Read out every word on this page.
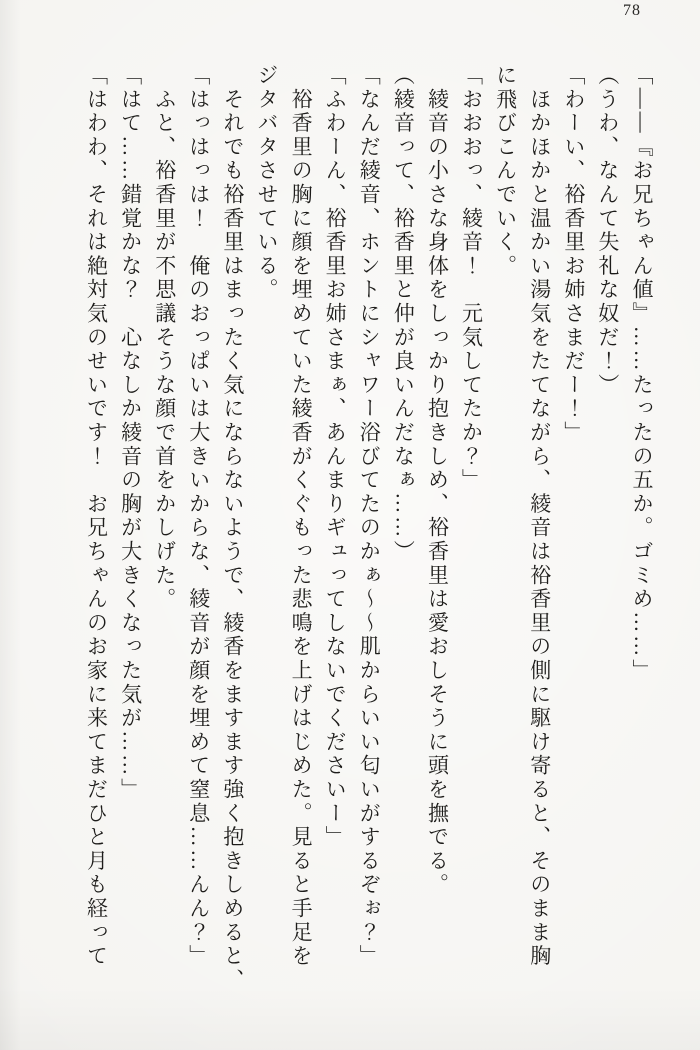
78

「――『お兄ちゃん値』……たったの五か。ゴミめ……」

（うわ、なんて失礼な奴だ！）

「わーい、裕香里お姉さまだー！」

　ほかほかと温かい湯気をたてながら、綾音は裕香里の側に駆け寄ると、そのまま胸

に飛びこんでいく。

「おおおっ、綾音！　元気してたか？」

　綾音の小さな身体をしっかり抱きしめ、裕香里は愛おしそうに頭を撫でる。

（綾音って、裕香里と仲が良いんだなぁ……）

「なんだ綾音、ホントにシャワー浴びてたのかぁ～～肌からいい匂いがするぞぉ？」

「ふわーん、裕香里お姉さまぁ、あんまりギュってしないでくださいー」

　裕香里の胸に顔を埋めていた綾香がくぐもった悲鳴を上げはじめた。見ると手足を

ジタバタさせている。

　それでも裕香里はまったく気にならないようで、綾香をますます強く抱きしめると、

「はっはっは！　俺のおっぱいは大きいからな、綾音が顔を埋めて窒息……んん？」

　ふと、裕香里が不思議そうな顔で首をかしげた。

「はて……錯覚かな？　心なしか綾音の胸が大きくなった気が……」

「はわわ、それは絶対気のせいです！　お兄ちゃんのお家に来てまだひと月も経って
